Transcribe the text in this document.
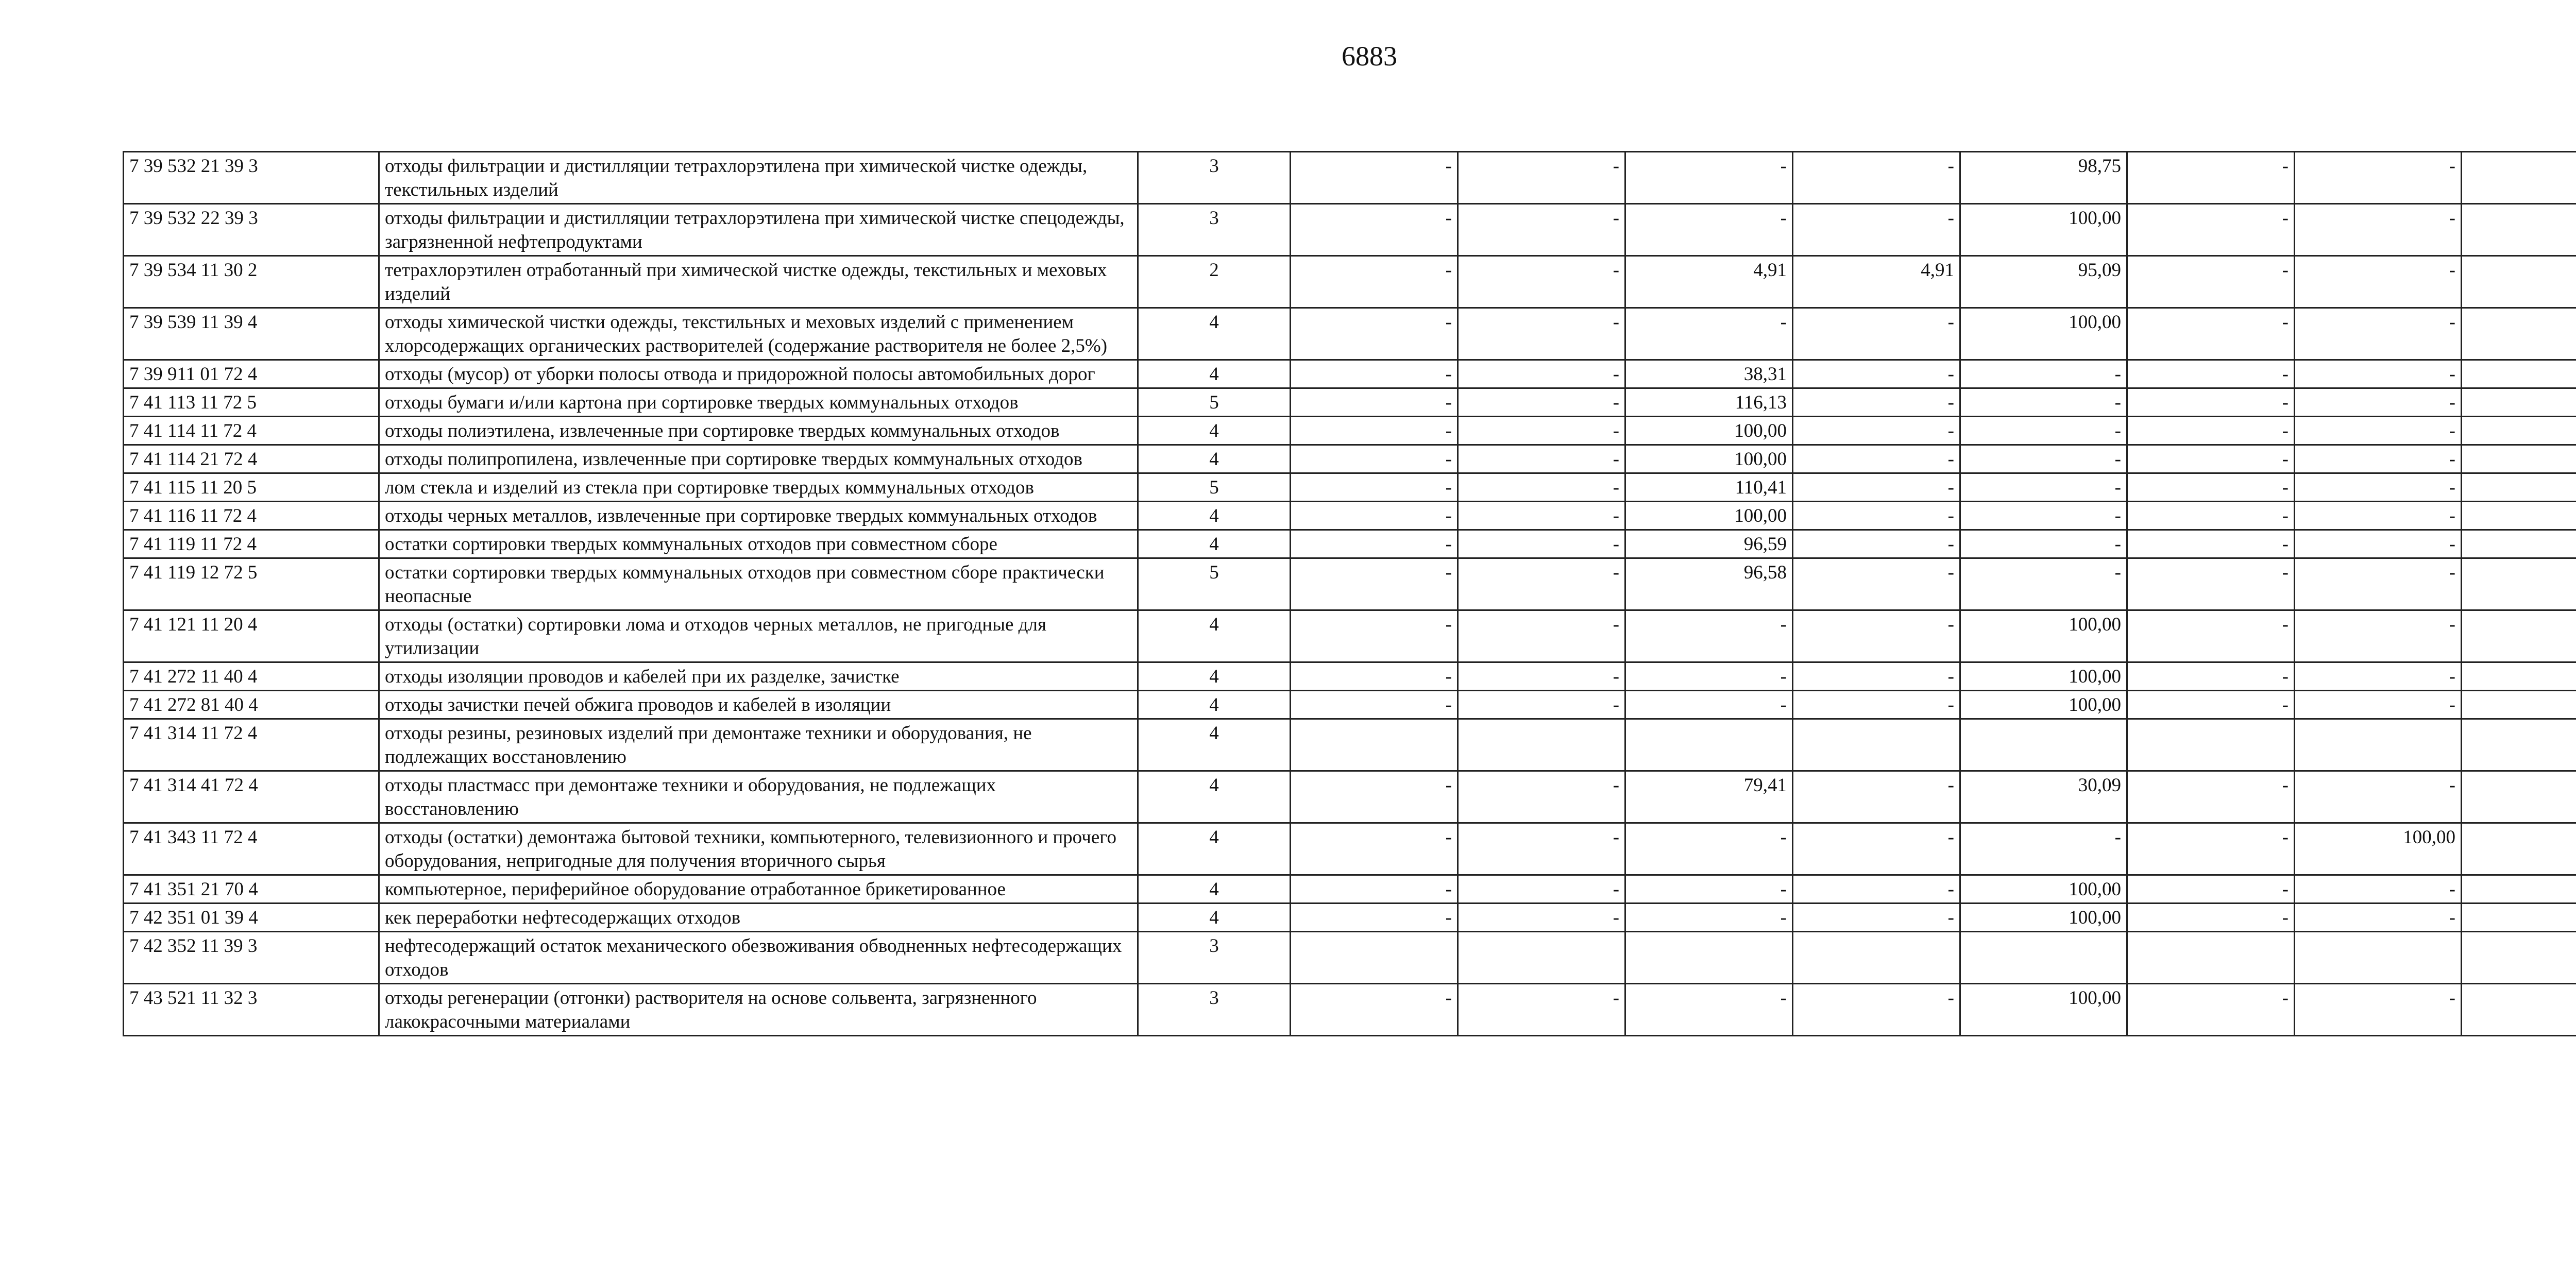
6883
7 39 532 21 39 3	отходы фильтрации и дистилляции тетрахлорэтилена при химической чистке одежды, текстильных изделий	3	-	-	-	-	98,75	-	-	
7 39 532 22 39 3	отходы фильтрации и дистилляции тетрахлорэтилена при химической чистке спецодежды, загрязненной нефтепродуктами	3	-	-	-	-	100,00	-	-	
7 39 534 11 30 2	тетрахлорэтилен отработанный при химической чистке одежды, текстильных и меховых изделий	2	-	-	4,91	4,91	95,09	-	-	
7 39 539 11 39 4	отходы химической чистки одежды, текстильных и меховых изделий с применением хлорсодержащих органических растворителей (содержание растворителя не более 2,5%)	4	-	-	-	-	100,00	-	-	
7 39 911 01 72 4	отходы (мусор) от уборки полосы отвода и придорожной полосы автомобильных дорог	4	-	-	38,31	-	-	-	-	
7 41 113 11 72 5	отходы бумаги и/или картона при сортировке твердых коммунальных отходов	5	-	-	116,13	-	-	-	-	
7 41 114 11 72 4	отходы полиэтилена, извлеченные при сортировке твердых коммунальных отходов	4	-	-	100,00	-	-	-	-	
7 41 114 21 72 4	отходы полипропилена, извлеченные при сортировке твердых коммунальных отходов	4	-	-	100,00	-	-	-	-	
7 41 115 11 20 5	лом стекла и изделий из стекла при сортировке твердых коммунальных отходов	5	-	-	110,41	-	-	-	-	
7 41 116 11 72 4	отходы черных металлов, извлеченные при сортировке твердых коммунальных отходов	4	-	-	100,00	-	-	-	-	
7 41 119 11 72 4	остатки сортировки твердых коммунальных отходов при совместном сборе	4	-	-	96,59	-	-	-	-	
7 41 119 12 72 5	остатки сортировки твердых коммунальных отходов при совместном сборе практически неопасные	5	-	-	96,58	-	-	-	-	
7 41 121 11 20 4	отходы (остатки) сортировки лома и отходов черных металлов, не пригодные для утилизации	4	-	-	-	-	100,00	-	-	
7 41 272 11 40 4	отходы изоляции проводов и кабелей при их разделке, зачистке	4	-	-	-	-	100,00	-	-	
7 41 272 81 40 4	отходы зачистки печей обжига проводов и кабелей в изоляции	4	-	-	-	-	100,00	-	-	
7 41 314 11 72 4	отходы резины, резиновых изделий при демонтаже техники и оборудования, не подлежащих восстановлению	4								
7 41 314 41 72 4	отходы пластмасс при демонтаже техники и оборудования, не подлежащих восстановлению	4	-	-	79,41	-	30,09	-	-	
7 41 343 11 72 4	отходы (остатки) демонтажа бытовой техники, компьютерного, телевизионного и прочего оборудования, непригодные для получения вторичного сырья	4	-	-	-	-	-	-	100,00	
7 41 351 21 70 4	компьютерное, периферийное оборудование отработанное брикетированное	4	-	-	-	-	100,00	-	-	
7 42 351 01 39 4	кек переработки нефтесодержащих отходов	4	-	-	-	-	100,00	-	-	
7 42 352 11 39 3	нефтесодержащий остаток механического обезвоживания обводненных нефтесодержащих отходов	3								
7 43 521 11 32 3	отходы регенерации (отгонки) растворителя на основе сольвента, загрязненного лакокрасочными материалами	3	-	-	-	-	100,00	-	-	
